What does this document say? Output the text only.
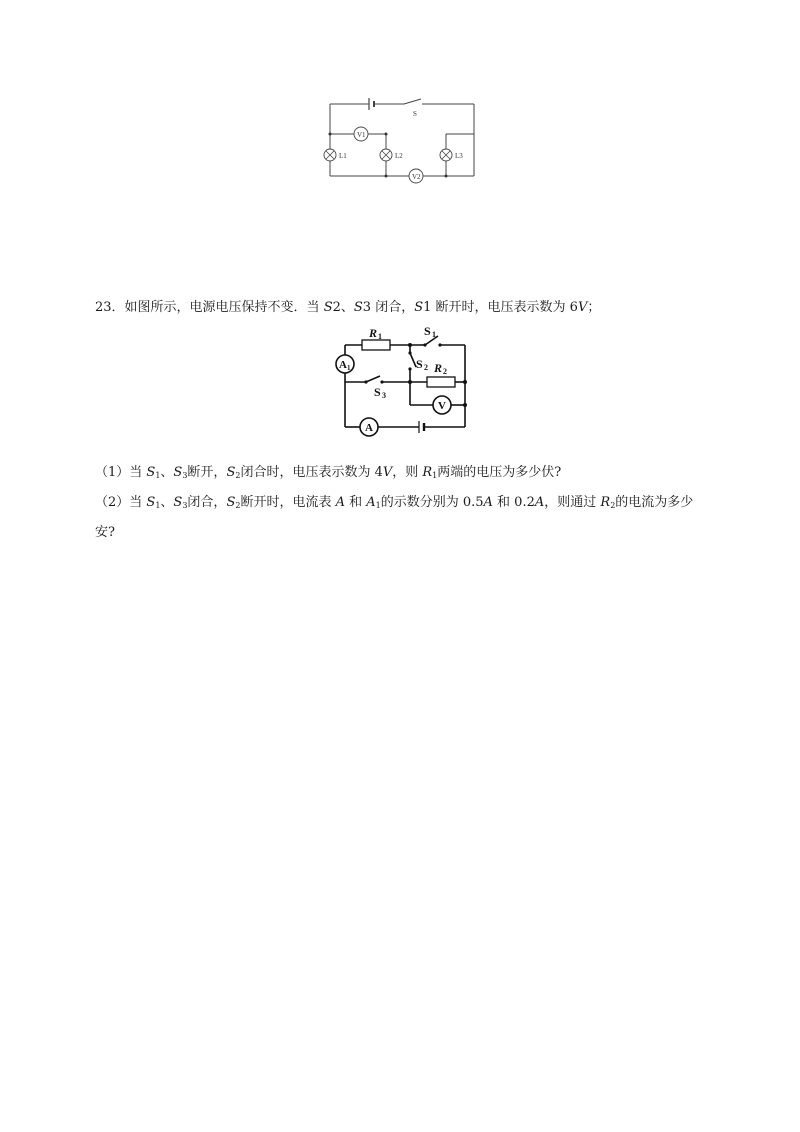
S
V1
V2
L1	L2	L3
23．如图所示，电源电压保持不变．当 S2、S3 闭合，S1 断开时，电压表示数为 6V；
R 1	S 1
S 2 R 2
S 3
A 1
V
A
（1）当 $S_1$、$S_3$断开，$S_2$闭合时，电压表示数为 4V，则 $R_1$两端的电压为多少伏?
（2）当 $S_1$、$S_3$闭合，$S_2$断开时，电流表 A 和 $A_1$的示数分别为 0.5A 和 0.2A，则通过 $R_2$的电流为多少
安?
